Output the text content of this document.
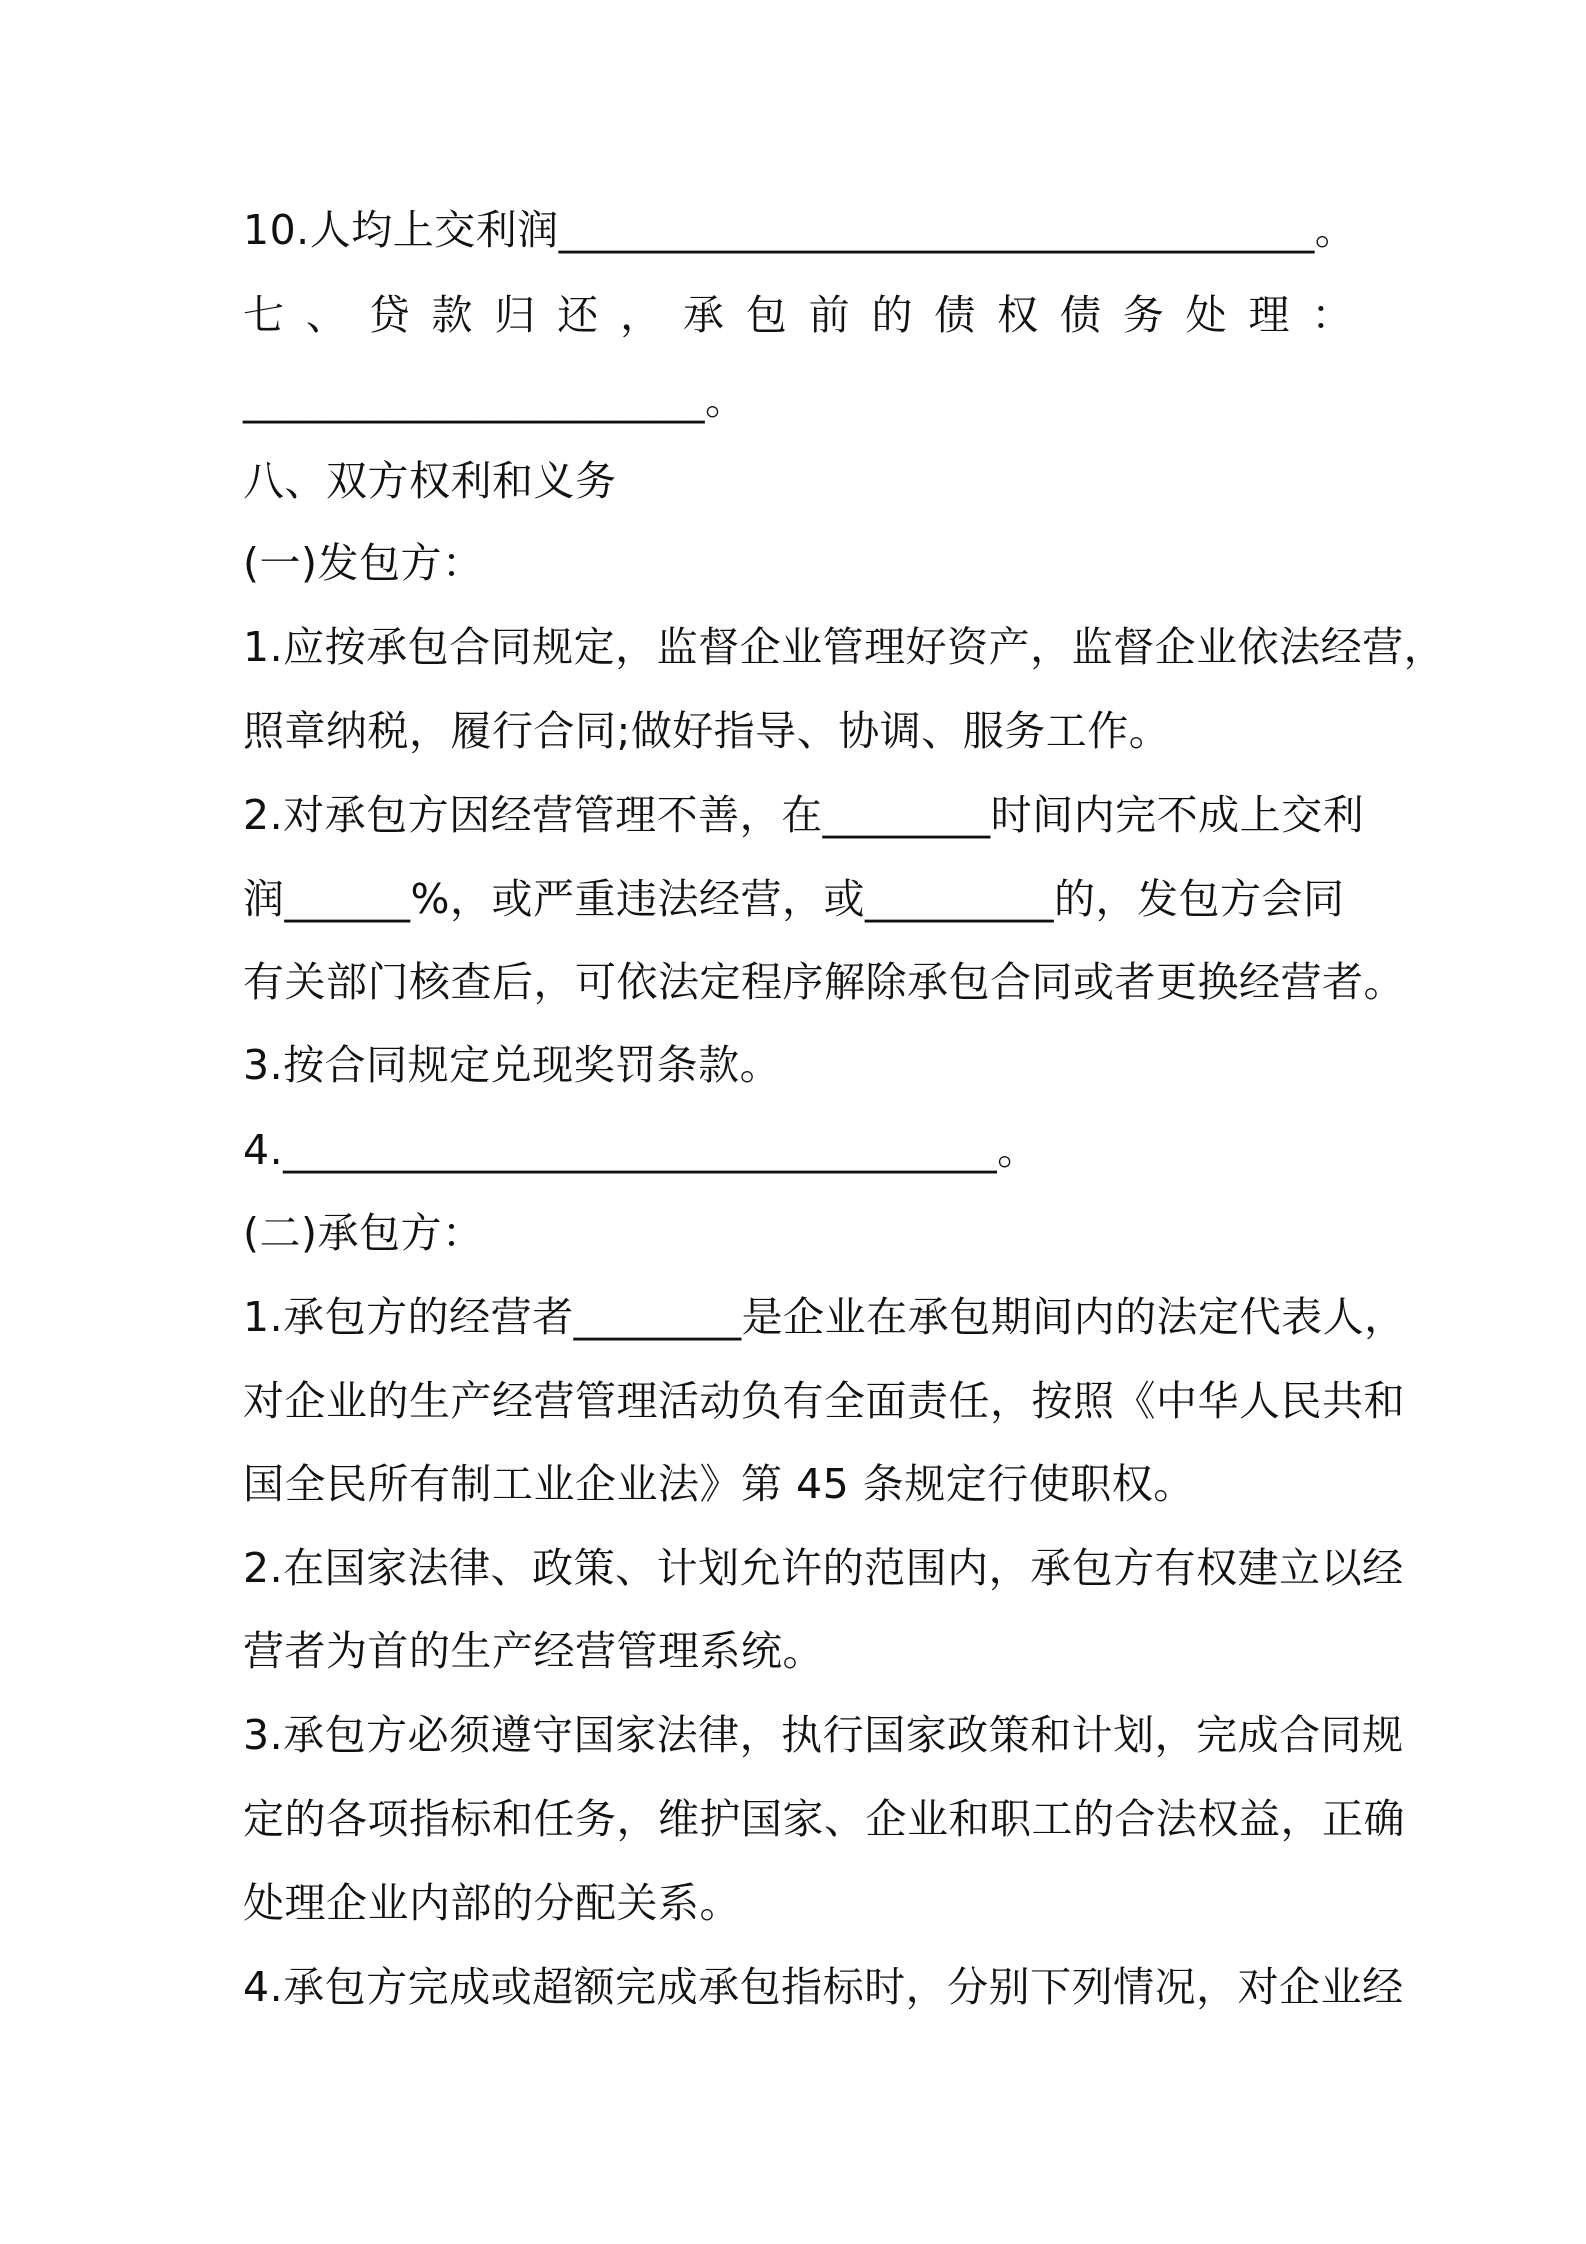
10.人均上交利润____________________________________。

七 、 贷 款 归 还 ， 承 包 前 的 债 权 债 务 处 理 ：

______________________。

八、双方权利和义务

(一)发包方：

1.应按承包合同规定，监督企业管理好资产，监督企业依法经营，

照章纳税，履行合同;做好指导、协调、服务工作。

2.对承包方因经营管理不善，在________时间内完不成上交利

润______%，或严重违法经营，或_________的，发包方会同

有关部门核查后，可依法定程序解除承包合同或者更换经营者。

3.按合同规定兑现奖罚条款。

4.__________________________________。

(二)承包方：

1.承包方的经营者________是企业在承包期间内的法定代表人，

对企业的生产经营管理活动负有全面责任，按照《中华人民共和

国全民所有制工业企业法》第 45 条规定行使职权。

2.在国家法律、政策、计划允许的范围内，承包方有权建立以经

营者为首的生产经营管理系统。

3.承包方必须遵守国家法律，执行国家政策和计划，完成合同规

定的各项指标和任务，维护国家、企业和职工的合法权益，正确

处理企业内部的分配关系。

4.承包方完成或超额完成承包指标时，分别下列情况，对企业经
